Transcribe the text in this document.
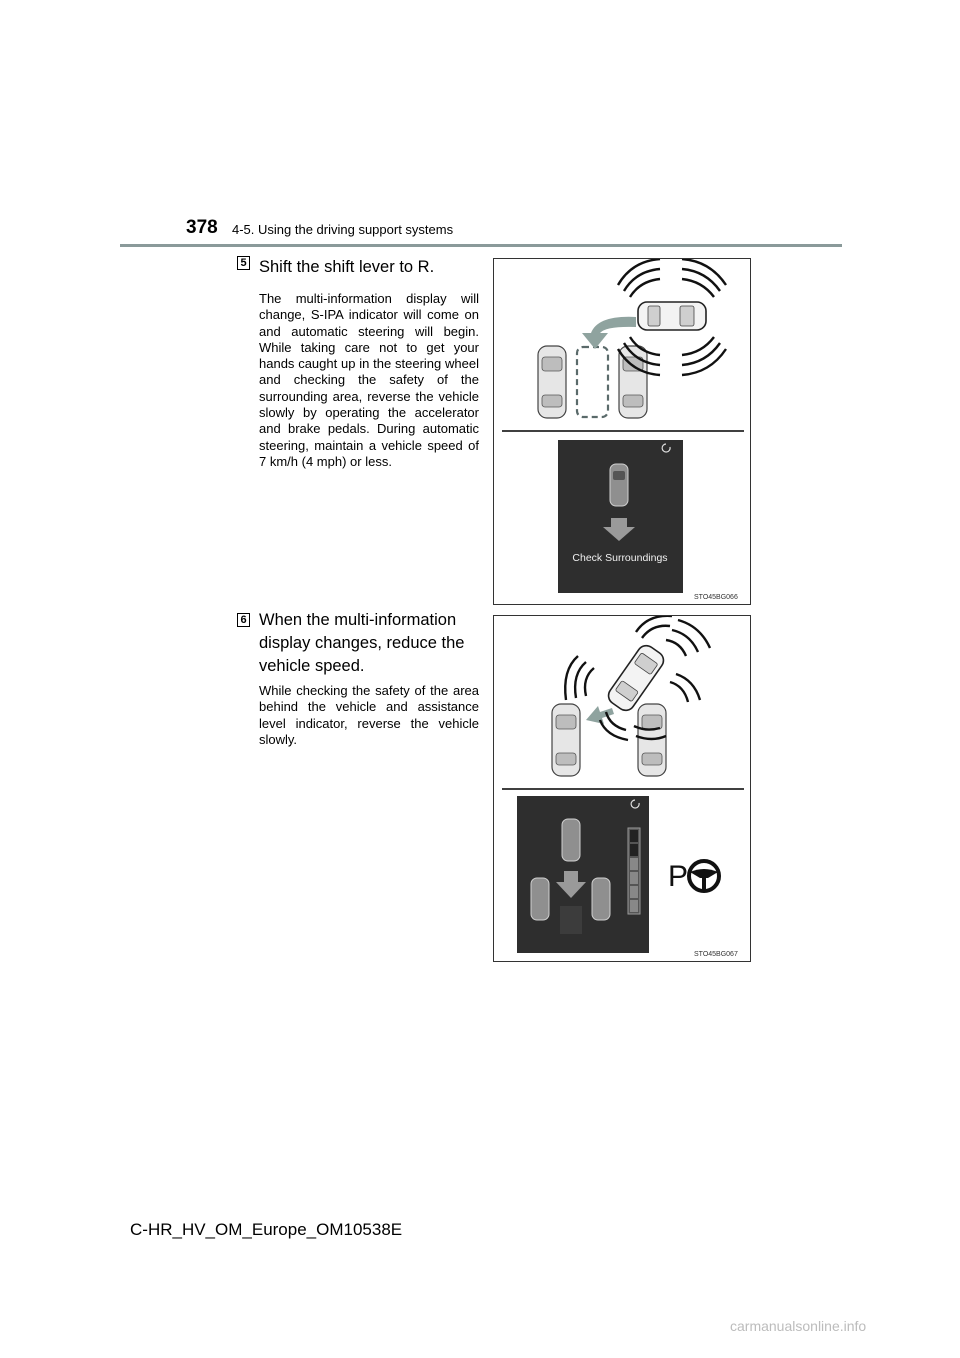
378 4-5. Using the driving support systems
5 Shift the shift lever to R.
The multi-information display will change, S-IPA indicator will come on and automatic steering will begin. While taking care not to get your hands caught up in the steering wheel and checking the safety of the surrounding area, reverse the vehicle slowly by operating the accelerator and brake pedals. During automatic steering, maintain a vehicle speed of 7 km/h (4 mph) or less.
Check Surroundings
STO45BG066
6 When the multi-information display changes, reduce the vehicle speed.
While checking the safety of the area behind the vehicle and assistance level indicator, reverse the vehicle slowly.
P
STO45BG067
C-HR_HV_OM_Europe_OM10538E
carmanualsonline.info
